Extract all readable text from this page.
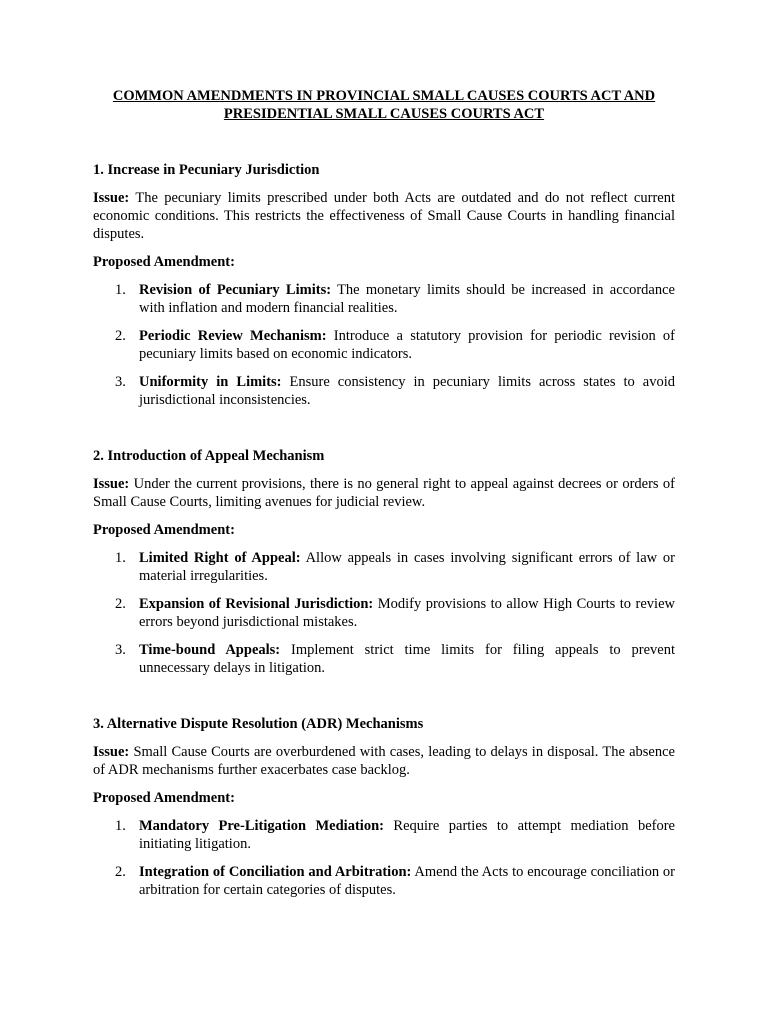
COMMON AMENDMENTS IN PROVINCIAL SMALL CAUSES COURTS ACT AND
PRESIDENTIAL SMALL CAUSES COURTS ACT

1. Increase in Pecuniary Jurisdiction

Issue: The pecuniary limits prescribed under both Acts are outdated and do not reflect current economic conditions. This restricts the effectiveness of Small Cause Courts in handling financial disputes.

Proposed Amendment:

1. Revision of Pecuniary Limits: The monetary limits should be increased in accordance with inflation and modern financial realities.
2. Periodic Review Mechanism: Introduce a statutory provision for periodic revision of pecuniary limits based on economic indicators.
3. Uniformity in Limits: Ensure consistency in pecuniary limits across states to avoid jurisdictional inconsistencies.

2. Introduction of Appeal Mechanism

Issue: Under the current provisions, there is no general right to appeal against decrees or orders of Small Cause Courts, limiting avenues for judicial review.

Proposed Amendment:

1. Limited Right of Appeal: Allow appeals in cases involving significant errors of law or material irregularities.
2. Expansion of Revisional Jurisdiction: Modify provisions to allow High Courts to review errors beyond jurisdictional mistakes.
3. Time-bound Appeals: Implement strict time limits for filing appeals to prevent unnecessary delays in litigation.

3. Alternative Dispute Resolution (ADR) Mechanisms

Issue: Small Cause Courts are overburdened with cases, leading to delays in disposal. The absence of ADR mechanisms further exacerbates case backlog.

Proposed Amendment:

1. Mandatory Pre-Litigation Mediation: Require parties to attempt mediation before initiating litigation.
2. Integration of Conciliation and Arbitration: Amend the Acts to encourage conciliation or arbitration for certain categories of disputes.
